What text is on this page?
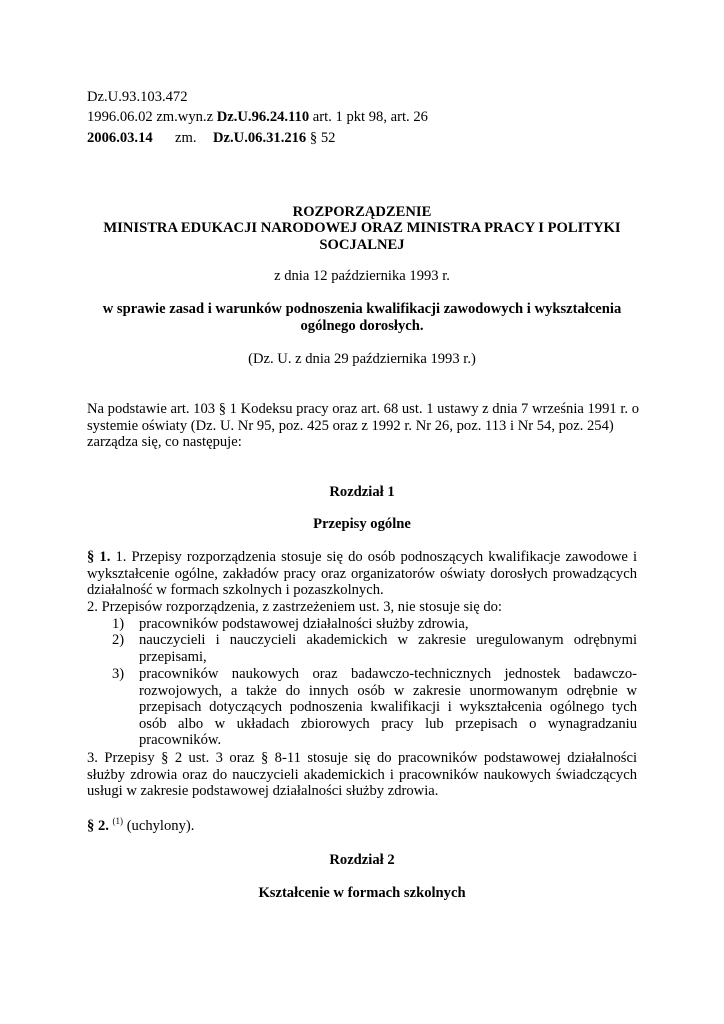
Dz.U.93.103.472
1996.06.02 zm.wyn.z Dz.U.96.24.110 art. 1 pkt 98, art. 26
2006.03.14zm. Dz.U.06.31.216 § 52
ROZPORZĄDZENIE
MINISTRA EDUKACJI NARODOWEJ ORAZ MINISTRA PRACY I POLITYKI SOCJALNEJ
z dnia 12 października 1993 r.
w sprawie zasad i warunków podnoszenia kwalifikacji zawodowych i wykształcenia ogólnego dorosłych.
(Dz. U. z dnia 29 października 1993 r.)
Na podstawie art. 103 § 1 Kodeksu pracy oraz art. 68 ust. 1 ustawy z dnia 7 września 1991 r. o systemie oświaty (Dz. U. Nr 95, poz. 425 oraz z 1992 r. Nr 26, poz. 113 i Nr 54, poz. 254) zarządza się, co następuje:
Rozdział 1
Przepisy ogólne
§ 1. 1. Przepisy rozporządzenia stosuje się do osób podnoszących kwalifikacje zawodowe i wykształcenie ogólne, zakładów pracy oraz organizatorów oświaty dorosłych prowadzących działalność w formach szkolnych i pozaszkolnych.
2. Przepisów rozporządzenia, z zastrzeżeniem ust. 3, nie stosuje się do:
1)	pracowników podstawowej działalności służby zdrowia,

2)	nauczycieli i nauczycieli akademickich w zakresie uregulowanym odrębnymi przepisami,

3)	pracowników naukowych oraz badawczo-technicznych jednostek badawczo-rozwojowych, a także do innych osób w zakresie unormowanym odrębnie w przepisach dotyczących podnoszenia kwalifikacji i wykształcenia ogólnego tych osób albo w układach zbiorowych pracy lub przepisach o wynagradzaniu pracowników.

3. Przepisy § 2 ust. 3 oraz § 8-11 stosuje się do pracowników podstawowej działalności służby zdrowia oraz do nauczycieli akademickich i pracowników naukowych świadczących usługi w zakresie podstawowej działalności służby zdrowia.
§ 2. $^{(1)}$ (uchylony).
Rozdział 2
Kształcenie w formach szkolnych
